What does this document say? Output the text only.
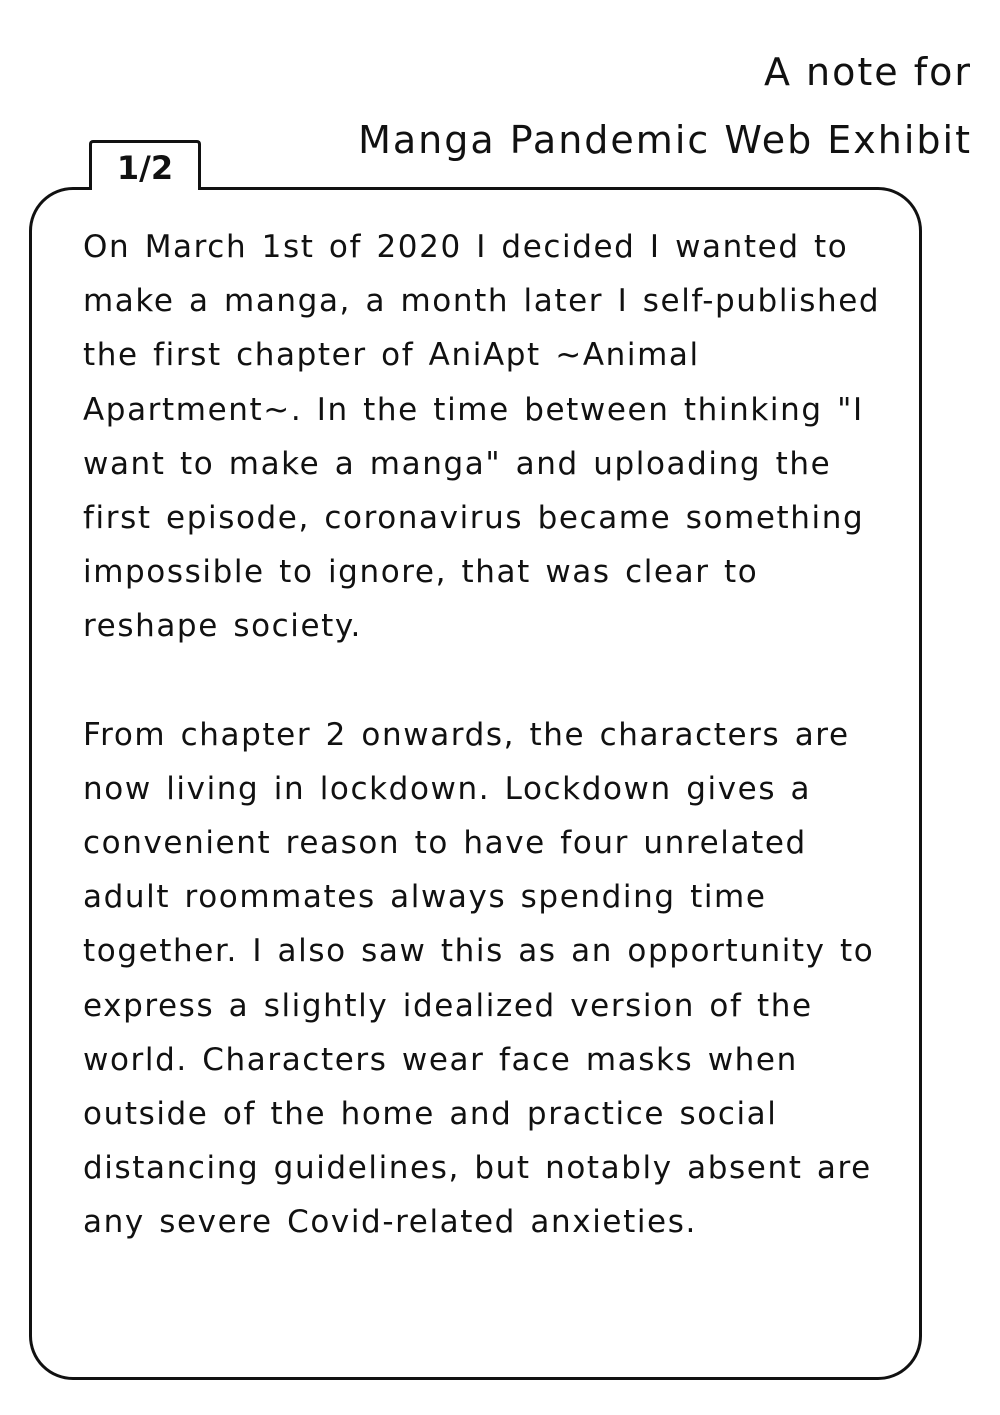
A note for
Manga Pandemic Web Exhibit
1/2

On March 1st of 2020 I decided I wanted to make a manga, a month later I self-published the first chapter of AniApt ~Animal Apartment~. In the time between thinking "I want to make a manga" and uploading the first episode, coronavirus became something impossible to ignore, that was clear to reshape society.

From chapter 2 onwards, the characters are now living in lockdown. Lockdown gives a convenient reason to have four unrelated adult roommates always spending time together. I also saw this as an opportunity to express a slightly idealized version of the world. Characters wear face masks when outside of the home and practice social distancing guidelines, but notably absent are any severe Covid-related anxieties.
